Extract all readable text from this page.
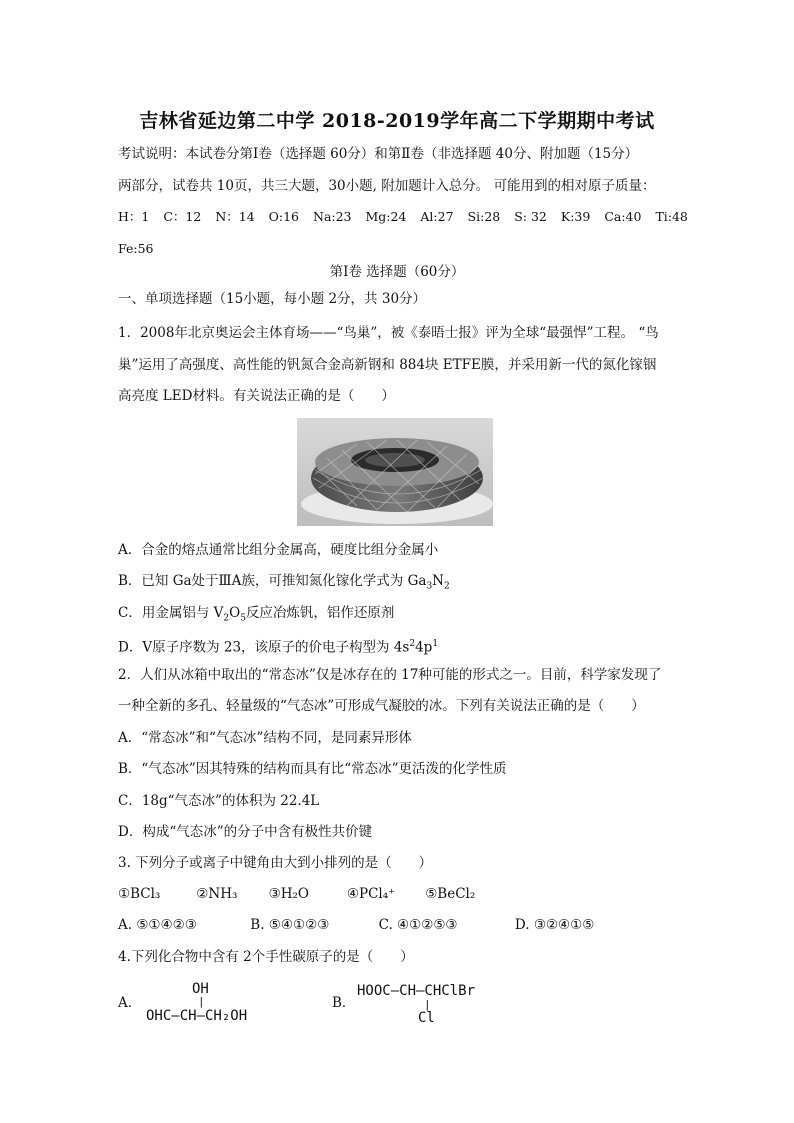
吉林省延边第二中学 2018-2019学年高二下学期期中考试
考试说明：本试卷分第Ⅰ卷（选择题 60分）和第Ⅱ卷（非选择题 40分、附加题（15分）
两部分，试卷共 10页，共三大题，30小题, 附加题计入总分。 可能用到的相对原子质量：
H：1 C：12 N：14 O:16 Na:23 Mg:24 Al:27 Si:28 S: 32 K:39 Ca:40 Ti:48
Fe:56
第Ⅰ卷 选择题（60分）
一、单项选择题（15小题，每小题 2分，共 30分）
1．2008年北京奥运会主体育场——“鸟巢”，被《泰晤士报》评为全球“最强悍”工程。 “鸟
巢”运用了高强度、高性能的钒氮合金高新钢和 884块 ETFE膜，并采用新一代的氮化镓铟
高亮度 LED材料。有关说法正确的是（　　）
A．合金的熔点通常比组分金属高，硬度比组分金属小
B．已知 Ga处于ⅢA族，可推知氮化镓化学式为 $Ga_3N_2$
C．用金属铝与 $V_2O_5$反应冶炼钒，铝作还原剂
D．V原子序数为 23，该原子的价电子构型为 $4s^24p^1$
2．人们从冰箱中取出的“常态冰”仅是冰存在的 17种可能的形式之一。目前，科学家发现了
一种全新的多孔、轻量级的“气态冰”可形成气凝胶的冰。下列有关说法正确的是（　　）
A．“常态冰”和“气态冰”结构不同，是同素异形体
B．“气态冰”因其特殊的结构而具有比“常态冰”更活泼的化学性质
C．18g“气态冰”的体积为 22.4L
D．构成“气态冰”的分子中含有极性共价键
3. 下列分子或离子中键角由大到小排列的是（　　）
①BCl₃	②NH₃ ③H₂O	④PCl₄⁺ ⑤BeCl₂
A. ⑤①④②③	B. ⑤④①②③	C. ④①②⑤③	D. ③②④①⑤
4.下列化合物中含有 2个手性碳原子的是（　　）
A．
OH
|
OHC—CH—CH₂OH
B．
HOOC—CH—CHClBr
|
Cl
